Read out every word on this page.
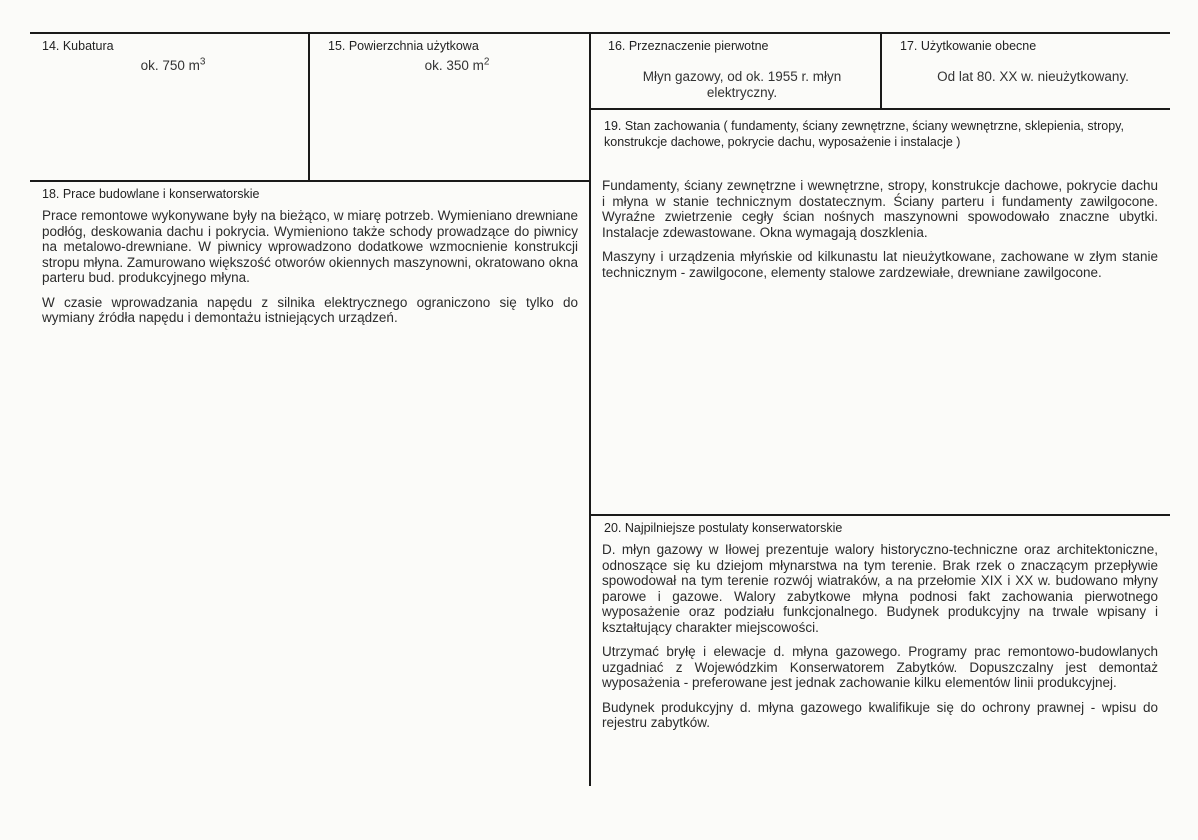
14. Kubatura
ok. 750 $m^3$
15. Powierzchnia użytkowa
ok. 350 $m^2$
16. Przeznaczenie pierwotne
Młyn gazowy, od ok. 1955 r. młyn elektryczny.
17. Użytkowanie obecne
Od lat 80. XX w. nieużytkowany.
18. Prace budowlane i konserwatorskie

Prace remontowe wykonywane były na bieżąco, w miarę potrzeb. Wymieniano drewniane podłóg, deskowania dachu i pokrycia. Wymieniono także schody prowadzące do piwnicy na metalowo-drewniane. W piwnicy wprowadzono dodatkowe wzmocnienie konstrukcji stropu młyna. Zamurowano większość otworów okiennych maszynowni, okratowano okna parteru bud. produkcyjnego młyna.

W czasie wprowadzania napędu z silnika elektrycznego ograniczono się tylko do wymiany źródła napędu i demontażu istniejących urządzeń.

19. Stan zachowania ( fundamenty, ściany zewnętrzne, ściany wewnętrzne, sklepienia, stropy, konstrukcje dachowe, pokrycie dachu, wyposażenie i instalacje )

Fundamenty, ściany zewnętrzne i wewnętrzne, stropy, konstrukcje dachowe, pokrycie dachu i młyna w stanie technicznym dostatecznym. Ściany parteru i fundamenty zawilgocone. Wyraźne zwietrzenie cegły ścian nośnych maszynowni spowodowało znaczne ubytki. Instalacje zdewastowane. Okna wymagają doszklenia.

Maszyny i urządzenia młyńskie od kilkunastu lat nieużytkowane, zachowane w złym stanie technicznym - zawilgocone, elementy stalowe zardzewiałe, drewniane zawilgocone.

20. Najpilniejsze postulaty konserwatorskie

D. młyn gazowy w Iłowej prezentuje walory historyczno-techniczne oraz architektoniczne, odnoszące się ku dziejom młynarstwa na tym terenie. Brak rzek o znaczącym przepływie spowodował na tym terenie rozwój wiatraków, a na przełomie XIX i XX w. budowano młyny parowe i gazowe. Walory zabytkowe młyna podnosi fakt zachowania pierwotnego wyposażenie oraz podziału funkcjonalnego. Budynek produkcyjny na trwale wpisany i kształtujący charakter miejscowości.

Utrzymać bryłę i elewacje d. młyna gazowego. Programy prac remontowo-budowlanych uzgadniać z Wojewódzkim Konserwatorem Zabytków. Dopuszczalny jest demontaż wyposażenia - preferowane jest jednak zachowanie kilku elementów linii produkcyjnej.

Budynek produkcyjny d. młyna gazowego kwalifikuje się do ochrony prawnej - wpisu do rejestru zabytków.
